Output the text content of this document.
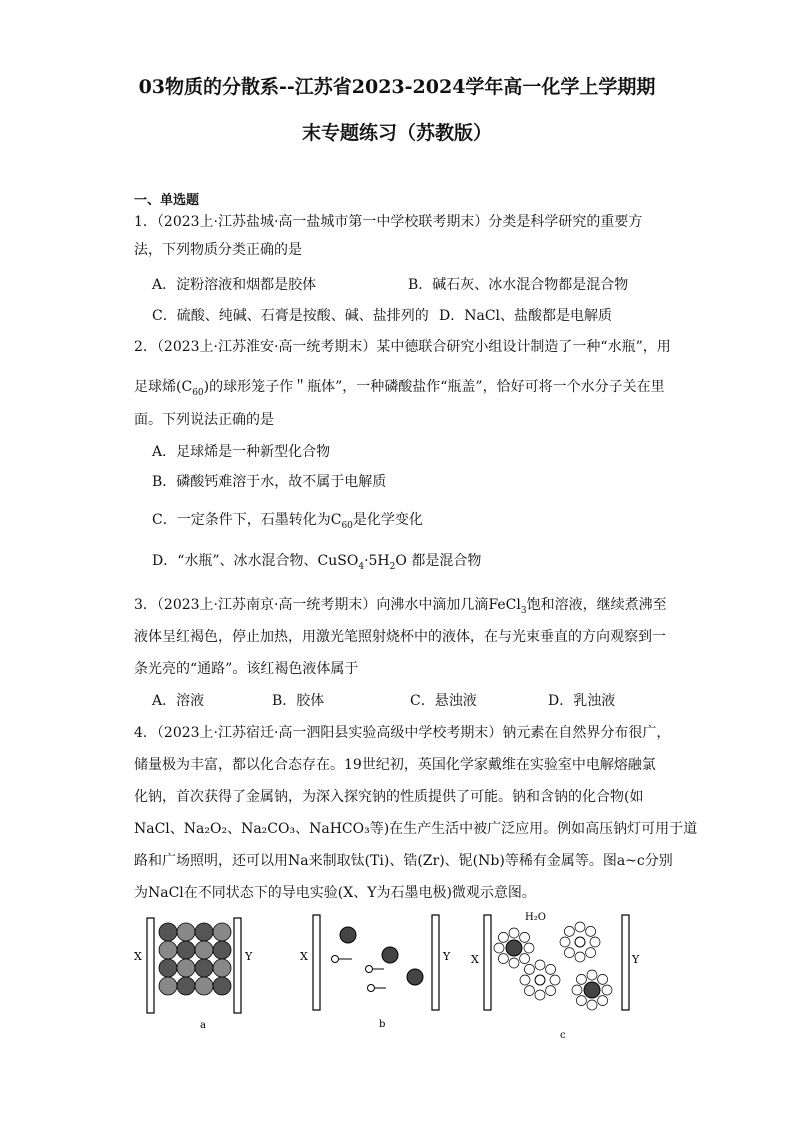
03物质的分散系--江苏省2023-2024学年高一化学上学期期
末专题练习（苏教版）
一、单选题
1．（2023上·江苏盐城·高一盐城市第一中学校联考期末）分类是科学研究的重要方法，下列物质分类正确的是
A．淀粉溶液和烟都是胶体	B．碱石灰、冰水混合物都是混合物
C．硫酸、纯碱、石膏是按酸、碱、盐排列的 D．NaCl、盐酸都是电解质
2．（2023上·江苏淮安·高一统考期末）某中德联合研究小组设计制造了一种“水瓶”，用
足球烯$(C_{60})$的球形笼子作＂瓶体”，一种磷酸盐作“瓶盖”，恰好可将一个水分子关在里
面。下列说法正确的是
A．足球烯是一种新型化合物
B．磷酸钙难溶于水，故不属于电解质
C．一定条件下，石墨转化为$C_{60}$是化学变化
D．“水瓶”、冰水混合物、$CuSO_4\cdot 5H_2O$ 都是混合物
3．（2023上·江苏南京·高一统考期末）向沸水中滴加几滴FeCl$_3$饱和溶液，继续煮沸至
液体呈红褐色，停止加热，用激光笔照射烧杯中的液体，在与光束垂直的方向观察到一
条光亮的“通路”。该红褐色液体属于
A．溶液	B．胶体	C．悬浊液	D．乳浊液
4．（2023上·江苏宿迁·高一泗阳县实验高级中学校考期末）钠元素在自然界分布很广，
储量极为丰富，都以化合态存在。19世纪初，英国化学家戴维在实验室中电解熔融氯
化钠，首次获得了金属钠，为深入探究钠的性质提供了可能。钠和含钠的化合物(如
NaCl、Na₂O₂、Na₂CO₃、NaHCO₃等)在生产生活中被广泛应用。例如高压钠灯可用于道
路和广场照明，还可以用Na来制取钛(Ti)、锆(Zr)、铌(Nb)等稀有金属等。图a~c分别
为NaCl在不同状态下的导电实验(X、Y为石墨电极)微观示意图。
X	Y
a
X	Y
b
X	Y
H₂O
c
